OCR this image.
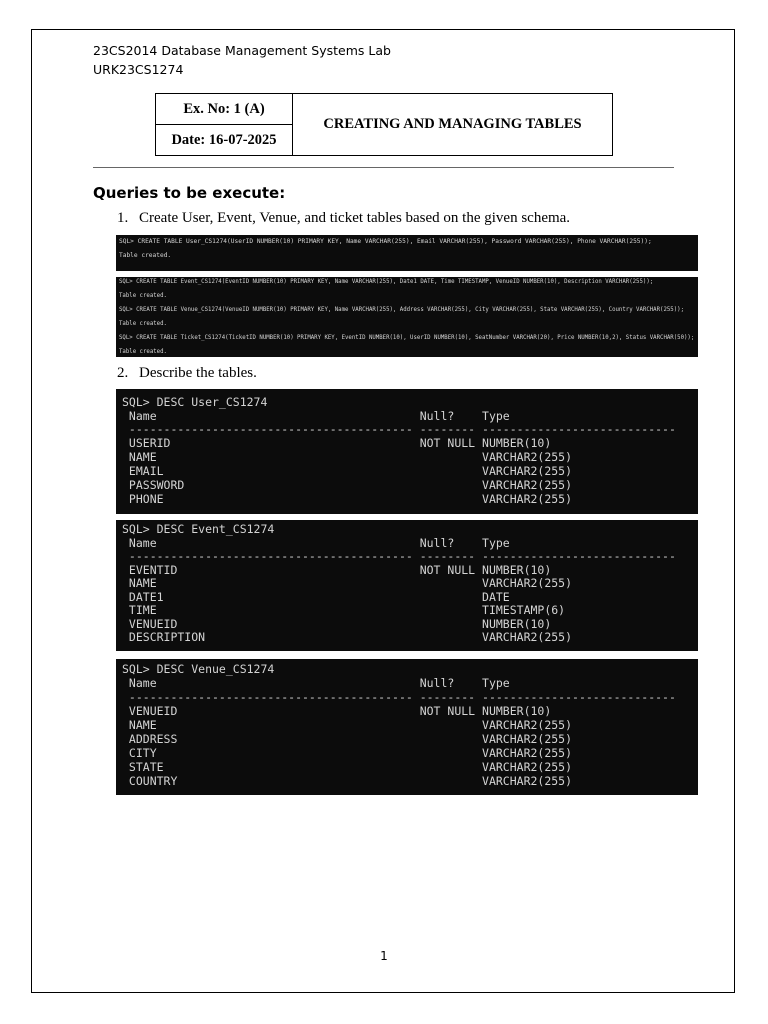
23CS2014 Database Management Systems Lab
URK23CS1274
Ex. No: 1 (A)	CREATING AND MANAGING TABLES
Date: 16-07-2025
Queries to be execute:
1. Create User, Event, Venue, and ticket tables based on the given schema.
SQL> CREATE TABLE User_CS1274(UserID NUMBER(10) PRIMARY KEY, Name VARCHAR(255), Email VARCHAR(255), Password VARCHAR(255), Phone VARCHAR(255));
Table created.
SQL> CREATE TABLE Event_CS1274(EventID NUMBER(10) PRIMARY KEY, Name VARCHAR(255), Date1 DATE, Time TIMESTAMP, VenueID NUMBER(10), Description VARCHAR(255));
Table created.
SQL> CREATE TABLE Venue_CS1274(VenueID NUMBER(10) PRIMARY KEY, Name VARCHAR(255), Address VARCHAR(255), City VARCHAR(255), State VARCHAR(255), Country VARCHAR(255));
Table created.
SQL> CREATE TABLE Ticket_CS1274(TicketID NUMBER(10) PRIMARY KEY, EventID NUMBER(10), UserID NUMBER(10), SeatNumber VARCHAR(20), Price NUMBER(10,2), Status VARCHAR(50));
Table created.
2. Describe the tables.
SQL> DESC User_CS1274
Name                                      Null?    Type
----------------------------------------- -------- ----------------------------
USERID                                    NOT NULL NUMBER(10)
NAME                                               VARCHAR2(255)
EMAIL                                              VARCHAR2(255)
PASSWORD                                           VARCHAR2(255)
PHONE                                              VARCHAR2(255)
SQL> DESC Event_CS1274
Name                                      Null?    Type
----------------------------------------- -------- ----------------------------
EVENTID                                   NOT NULL NUMBER(10)
NAME                                               VARCHAR2(255)
DATE1                                              DATE
TIME                                               TIMESTAMP(6)
VENUEID                                            NUMBER(10)
DESCRIPTION                                        VARCHAR2(255)
SQL> DESC Venue_CS1274
Name                                      Null?    Type
----------------------------------------- -------- ----------------------------
VENUEID                                   NOT NULL NUMBER(10)
NAME                                               VARCHAR2(255)
ADDRESS                                            VARCHAR2(255)
CITY                                               VARCHAR2(255)
STATE                                              VARCHAR2(255)
COUNTRY                                            VARCHAR2(255)
1
